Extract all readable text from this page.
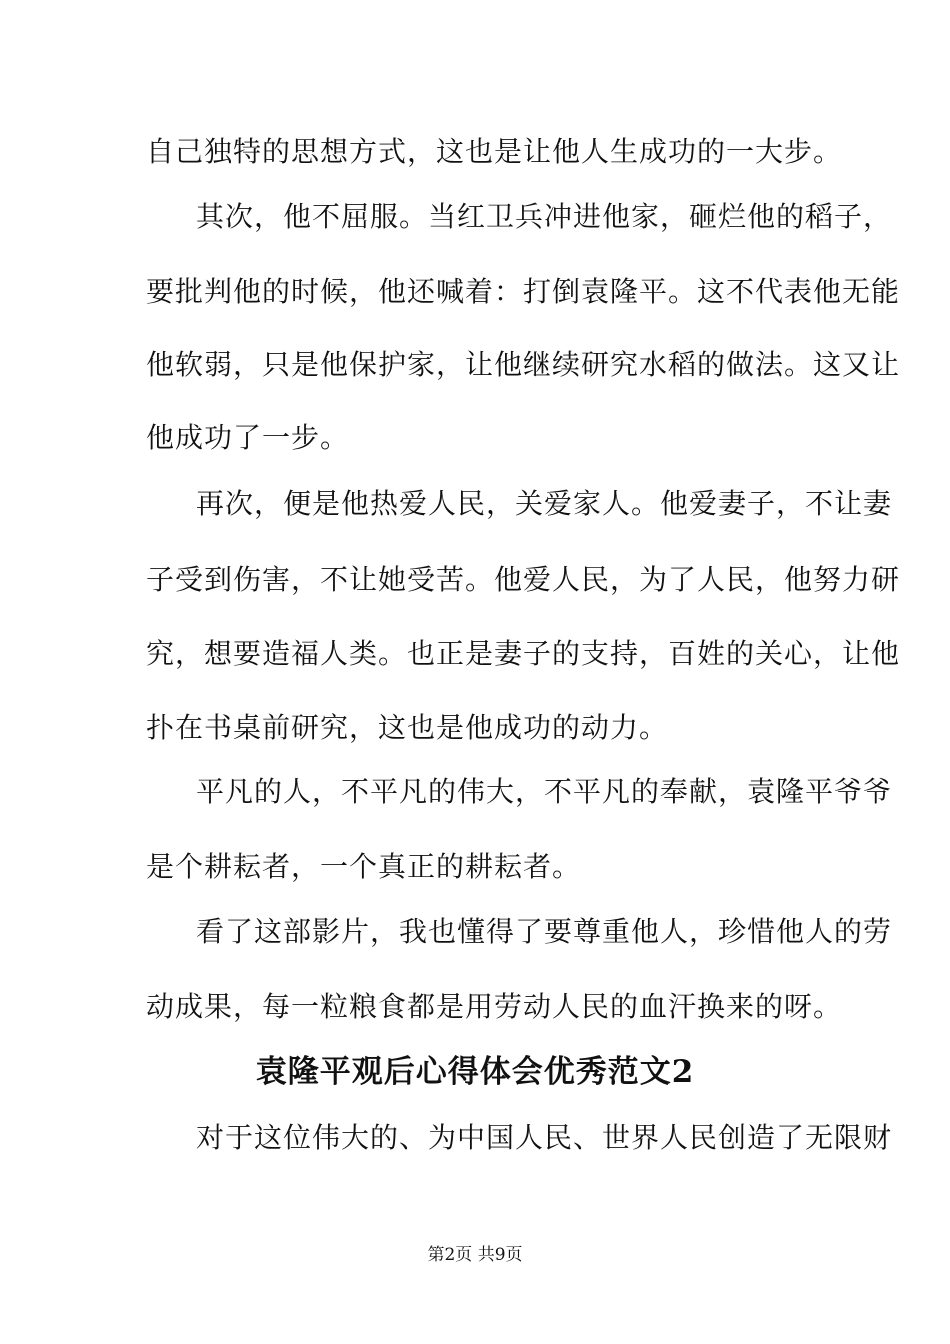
自己独特的思想方式，这也是让他人生成功的一大步。
其次，他不屈服。当红卫兵冲进他家，砸烂他的稻子，
要批判他的时候，他还喊着：打倒袁隆平。这不代表他无能
他软弱，只是他保护家，让他继续研究水稻的做法。这又让
他成功了一步。
再次，便是他热爱人民，关爱家人。他爱妻子，不让妻
子受到伤害，不让她受苦。他爱人民，为了人民，他努力研
究，想要造福人类。也正是妻子的支持，百姓的关心，让他
扑在书桌前研究，这也是他成功的动力。
平凡的人，不平凡的伟大，不平凡的奉献，袁隆平爷爷
是个耕耘者，一个真正的耕耘者。
看了这部影片，我也懂得了要尊重他人，珍惜他人的劳
动成果，每一粒粮食都是用劳动人民的血汗换来的呀。
袁隆平观后心得体会优秀范文2
对于这位伟大的、为中国人民、世界人民创造了无限财
第2页 共9页
